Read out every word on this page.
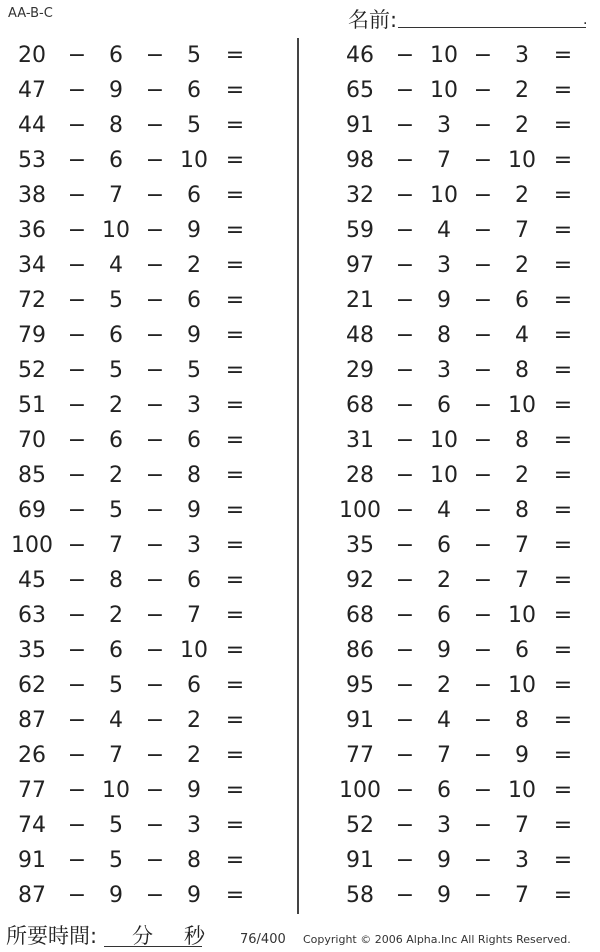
AA-B-C	名前:	.
20 −	6	−	5	=
47 −	9	−	6	=
44 −	8	−	5	=
53 −	6	− 10 =
38 −	7	−	6	=
36 − 10 −	9	=
34 −	4	−	2	=
72 −	5	−	6	=
79 −	6	−	9	=
52 −	5	−	5	=
51 −	2	−	3	=
70 −	6	−	6	=
85 −	2	−	8	=
69 −	5	−	9	=
100 −	7	−	3	=
45 −	8	−	6	=
63 −	2	−	7	=
35 −	6	− 10 =
62 −	5	−	6	=
87 −	4	−	2	=
26 −	7	−	2	=
77 − 10 −	9	=
74 −	5	−	3	=
91 −	5	−	8	=
87 −	9	−	9	=
46 − 10 −	3	=
65 − 10 −	2	=
91 −	3	−	2	=
98 −	7	− 10 =
32 − 10 −	2	=
59 −	4	−	7	=
97 −	3	−	2	=
21 −	9	−	6	=
48 −	8	−	4	=
29 −	3	−	8	=
68 −	6	− 10 =
31 − 10 −	8	=
28 − 10 −	2	=
100 −	4	−	8	=
35 −	6	−	7	=
92 −	2	−	7	=
68 −	6	− 10 =
86 −	9	−	6	=
95 −	2	− 10 =
91 −	4	−	8	=
77 −	7	−	9	=
100 −	6	− 10 =
52 −	3	−	7	=
91 −	9	−	3	=
58 −	9	−	7	=
所要時間: 分 秒	76/400 Copyright © 2006 Alpha.Inc All Rights Reserved.
